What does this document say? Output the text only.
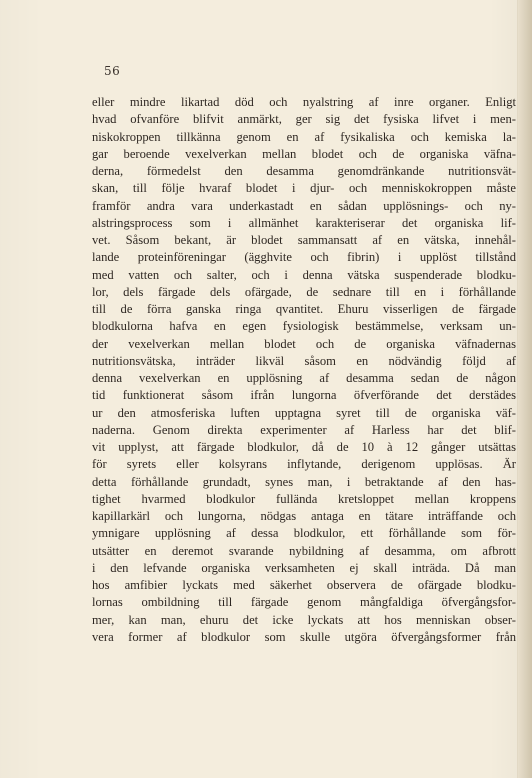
56
eller mindre likartad död och nyalstring af inre organer. Enligt
hvad ofvanföre blifvit anmärkt, ger sig det fysiska lifvet i men-
niskokroppen tillkänna genom en af fysikaliska och kemiska la-
gar beroende vexelverkan mellan blodet och de organiska väfna-
derna, förmedelst den desamma genomdränkande nutritionsvät-
skan, till följe hvaraf blodet i djur- och menniskokroppen måste
framför andra vara underkastadt en sådan upplösnings- och ny-
alstringsprocess som i allmänhet karakteriserar det organiska lif-
vet. Såsom bekant, är blodet sammansatt af en vätska, innehål-
lande proteinföreningar (ägghvite och fibrin) i upplöst tillstånd
med vatten och salter, och i denna vätska suspenderade blodku-
lor, dels färgade dels ofärgade, de sednare till en i förhållande
till de förra ganska ringa qvantitet. Ehuru visserligen de färgade
blodkulorna hafva en egen fysiologisk bestämmelse, verksam un-
der vexelverkan mellan blodet och de organiska väfnadernas
nutritionsvätska, inträder likväl såsom en nödvändig följd af
denna vexelverkan en upplösning af desamma sedan de någon
tid funktionerat såsom ifrån lungorna öfverförande det derstädes
ur den atmosferiska luften upptagna syret till de organiska väf-
naderna. Genom direkta experimenter af Harless har det blif-
vit upplyst, att färgade blodkulor, då de 10 à 12 gånger utsättas
för syrets eller kolsyrans inflytande, derigenom upplösas. Är
detta förhållande grundadt, synes man, i betraktande af den has-
tighet hvarmed blodkulor fullända kretsloppet mellan kroppens
kapillarkärl och lungorna, nödgas antaga en tätare inträffande och
ymnigare upplösning af dessa blodkulor, ett förhållande som för-
utsätter en deremot svarande nybildning af desamma, om afbrott
i den lefvande organiska verksamheten ej skall inträda. Då man
hos amfibier lyckats med säkerhet observera de ofärgade blodku-
lornas ombildning till färgade genom mångfaldiga öfvergångsfor-
mer, kan man, ehuru det icke lyckats att hos menniskan obser-
vera former af blodkulor som skulle utgöra öfvergångsformer från
